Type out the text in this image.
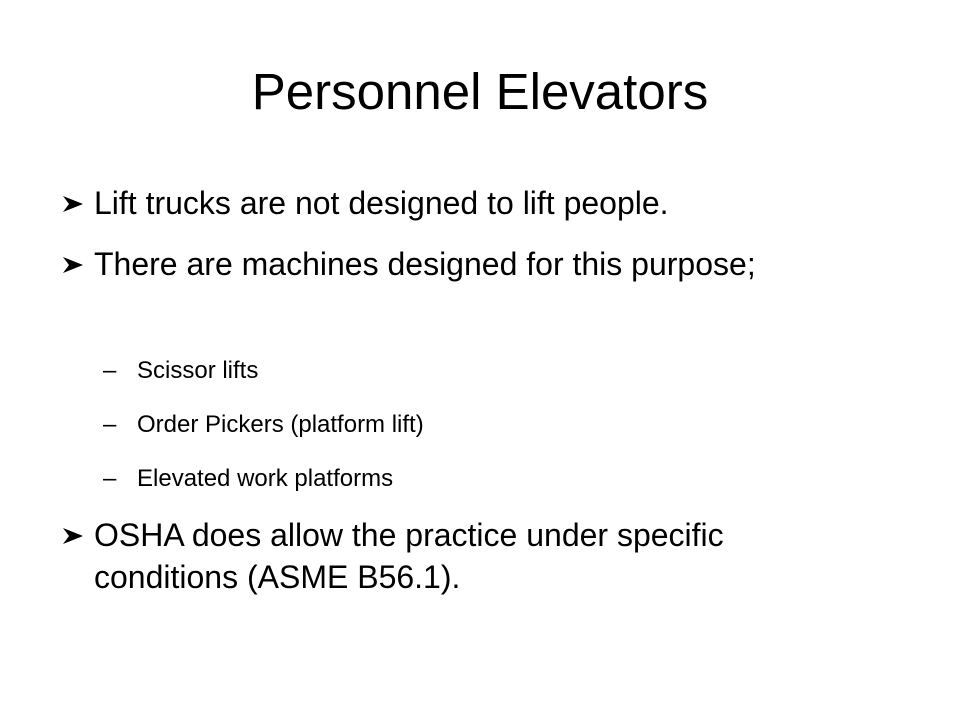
Personnel Elevators
Lift trucks are not designed to lift people.
There are machines designed for this purpose;
– Scissor lifts
– Order Pickers (platform lift)
– Elevated work platforms
OSHA does allow the practice under specific conditions (ASME B56.1).
